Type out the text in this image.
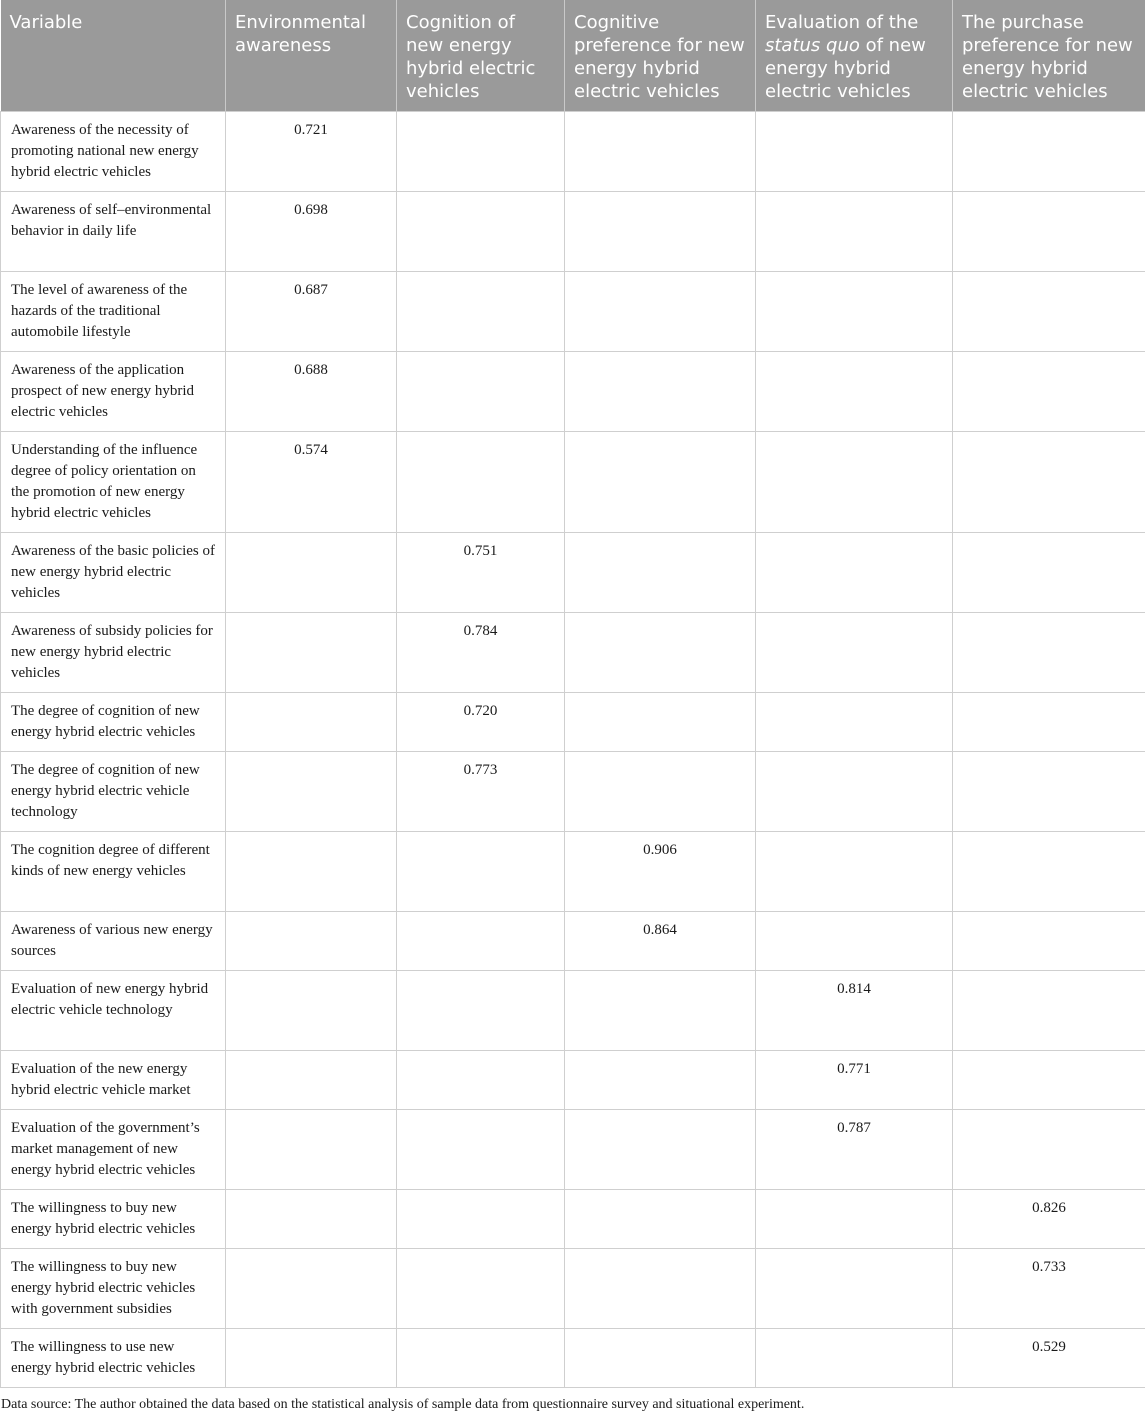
Variable	Environmental awareness	Cognition of new energy hybrid electric vehicles	Cognitive preference for new energy hybrid electric vehicles	Evaluation of the status quo of new energy hybrid electric vehicles	The purchase preference for new energy hybrid electric vehicles
Awareness of the necessity of promoting national new energy hybrid electric vehicles	0.721				
Awareness of self–environmental behavior in daily life	0.698				
The level of awareness of the hazards of the traditional automobile lifestyle	0.687				
Awareness of the application prospect of new energy hybrid electric vehicles	0.688				
Understanding of the influence degree of policy orientation on the promotion of new energy hybrid electric vehicles	0.574				
Awareness of the basic policies of new energy hybrid electric vehicles		0.751			
Awareness of subsidy policies for new energy hybrid electric vehicles		0.784			
The degree of cognition of new energy hybrid electric vehicles		0.720			
The degree of cognition of new energy hybrid electric vehicle technology		0.773			
The cognition degree of different kinds of new energy vehicles			0.906		
Awareness of various new energy sources			0.864		
Evaluation of new energy hybrid electric vehicle technology				0.814	
Evaluation of the new energy hybrid electric vehicle market				0.771	
Evaluation of the government’s market management of new energy hybrid electric vehicles				0.787	
The willingness to buy new energy hybrid electric vehicles					0.826
The willingness to buy new energy hybrid electric vehicles with government subsidies					0.733
The willingness to use new energy hybrid electric vehicles					0.529
Data source: The author obtained the data based on the statistical analysis of sample data from questionnaire survey and situational experiment.
